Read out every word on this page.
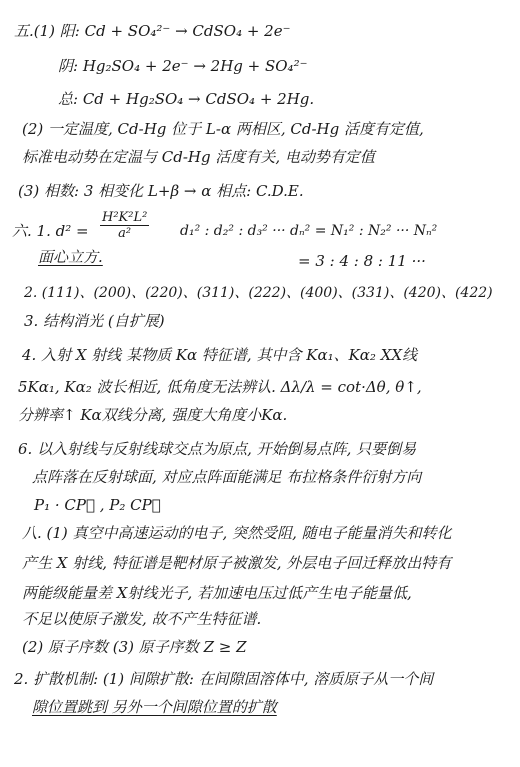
五.(1) 阳: Cd + SO₄²⁻ → CdSO₄ + 2e⁻
阴: Hg₂SO₄ + 2e⁻ → 2Hg + SO₄²⁻
总: Cd + Hg₂SO₄ → CdSO₄ + 2Hg.
(2) 一定温度, Cd-Hg 位于 L-α 两相区, Cd-Hg 活度有定值,
标准电动势在定温与 Cd-Hg 活度有关, 电动势有定值
(3) 相数: 3 相变化 L+β → α 相点: C.D.E.
六. 1. $d^2 = \frac{\text{H²K²L²}}{\text{a²}} d_1^2$ : d₂² : d₃² ··· dₙ² = N₁² : N₂² ··· Nₙ²
面心立方.	= 3 : 4 : 8 : 11 ···
2. (111)、(200)、(220)、(311)、(222)、(400)、(331)、(420)、(422)
3. 结构消光 (自扩展)
4. 入射 X 射线 某物质 Kα 特征谱, 其中含 Kα₁、Kα₂ XX线
5Kα₁, Kα₂ 波长相近, 低角度无法辨认. Δλ/λ = cot·Δθ, θ↑,
分辨率↑ Kα双线分离, 强度大角度小Kα.
6. 以入射线与反射线球交点为原点, 开始倒易点阵, 只要倒易
点阵落在反射球面, 对应点阵面能满足 布拉格条件衍射方向
P₁ · CP⃗ , P₂ CP⃗
八. (1) 真空中高速运动的电子, 突然受阻, 随电子能量消失和转化
产生 X 射线, 特征谱是靶材原子被激发, 外层电子回迁释放出特有
两能级能量差 X射线光子, 若加速电压过低产生电子能量低,
不足以使原子激发, 故不产生特征谱.
(2) 原子序数 (3) 原子序数 Z ≥ Z
2. 扩散机制: (1) 间隙扩散: 在间隙固溶体中, 溶质原子从一个间
隙位置跳到 另外一个间隙位置的扩散
